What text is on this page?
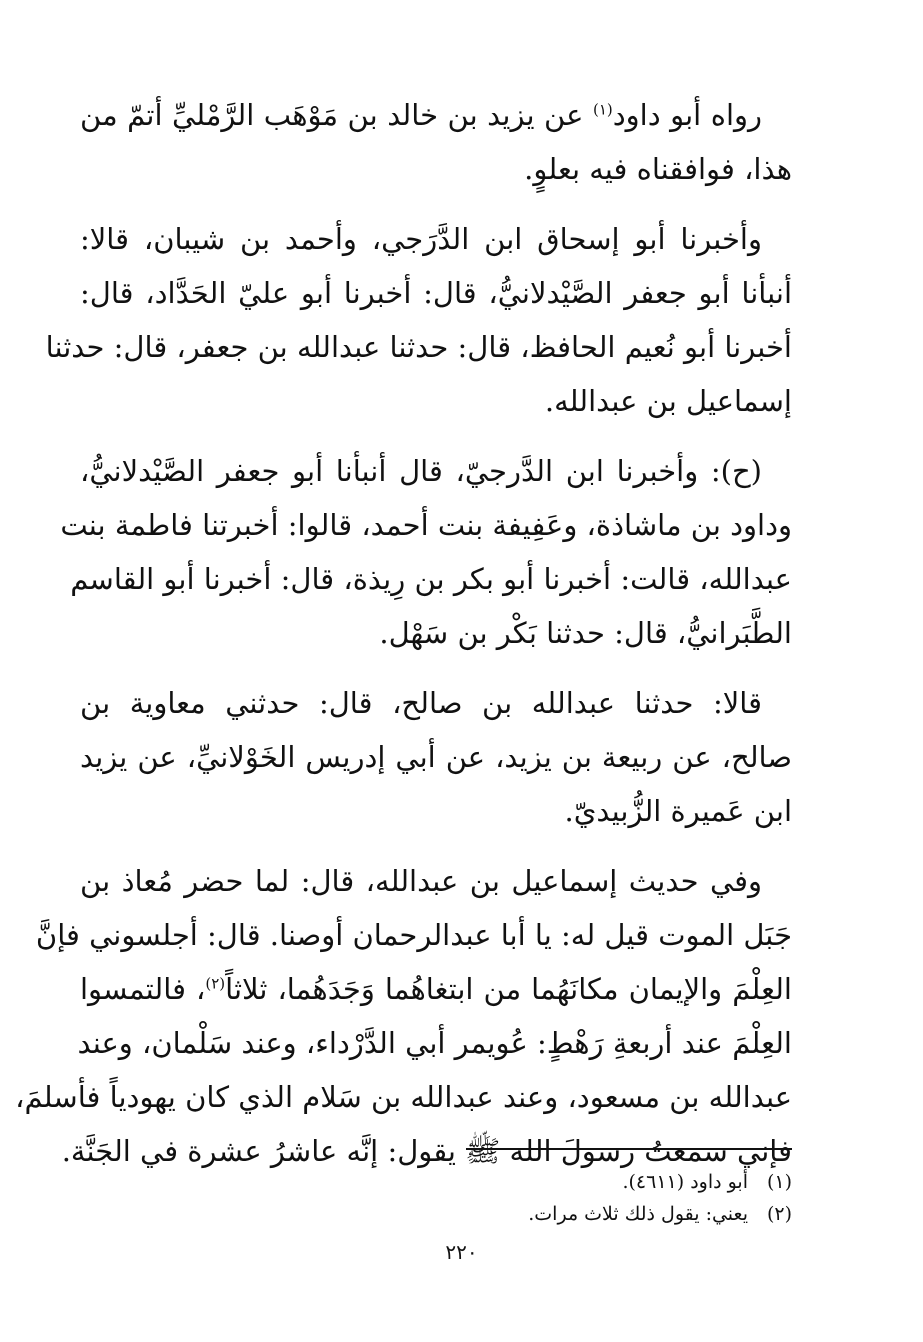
رواه أبو داود$^{(١)}$ عن يزيد بن خالد بن مَوْهَب الرَّمْليِّ أتمّ من
هذا، فوافقناه فيه بعلوٍ.

وأخبرنا أبو إسحاق ابن الدَّرَجي، وأحمد بن شيبان، قالا:
أنبأنا أبو جعفر الصَّيْدلانيُّ، قال: أخبرنا أبو عليّ الحَدَّاد، قال:
أخبرنا أبو نُعيم الحافظ، قال: حدثنا عبدالله بن جعفر، قال: حدثنا
إسماعيل بن عبدالله.

(ح): وأخبرنا ابن الدَّرجيّ، قال أنبأنا أبو جعفر الصَّيْدلانيُّ،
وداود بن ماشاذة، وعَفِيفة بنت أحمد، قالوا: أخبرتنا فاطمة بنت
عبدالله، قالت: أخبرنا أبو بكر بن رِيذة، قال: أخبرنا أبو القاسم
الطَّبَرانيُّ، قال: حدثنا بَكْر بن سَهْل.

قالا: حدثنا عبدالله بن صالح، قال: حدثني معاوية بن
صالح، عن ربيعة بن يزيد، عن أبي إدريس الخَوْلانيِّ، عن يزيد
ابن عَميرة الزُّبيديّ.

وفي حديث إسماعيل بن عبدالله، قال: لما حضر مُعاذ بن
جَبَل الموت قيل له: يا أبا عبدالرحمان أوصنا. قال: أجلسوني فإنَّ
العِلْمَ والإيمان مكانَهُما من ابتغاهُما وَجَدَهُما، ثلاثاً$^{(٢)}$، فالتمسوا
العِلْمَ عند أربعةِ رَهْطٍ: عُويمر أبي الدَّرْداء، وعند سَلْمان، وعند
عبدالله بن مسعود، وعند عبدالله بن سَلام الذي كان يهودياً فأسلمَ،
فإني سمعتُ رسولَ الله ﷺ يقول: إنَّه عاشرُ عشرة في الجَنَّة.

(١)أبو داود (٤٦١١).
(٢)يعني: يقول ذلك ثلاث مرات.
٢٢٠
